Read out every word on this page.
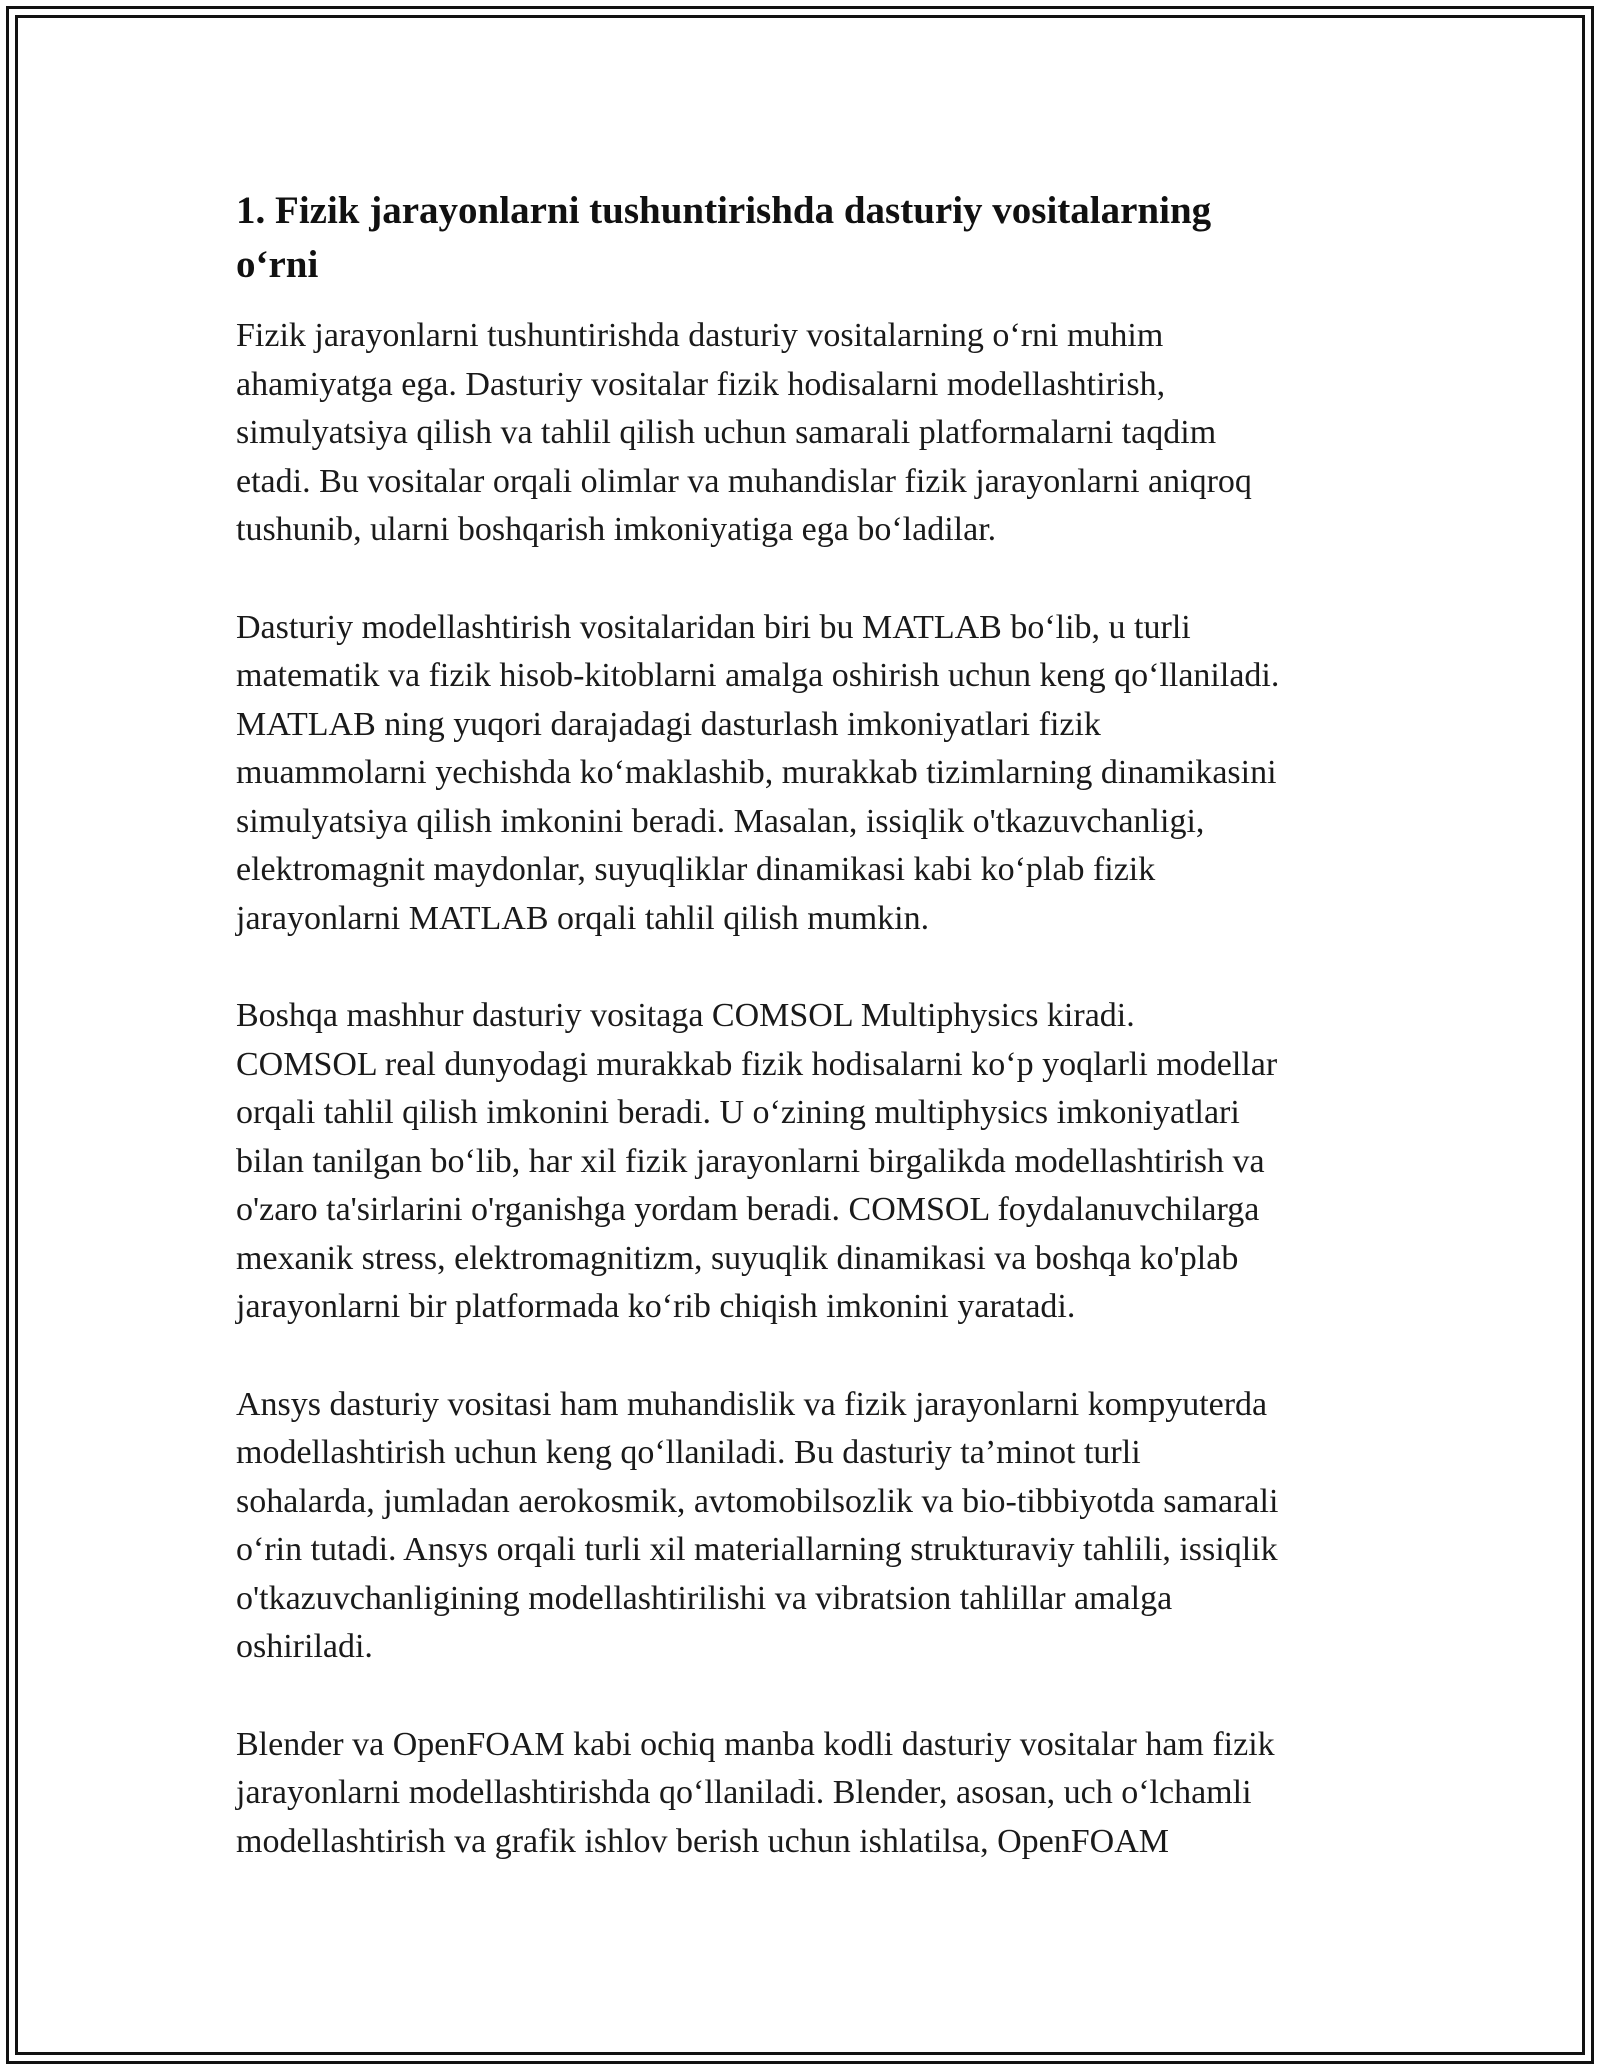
1. Fizik jarayonlarni tushuntirishda dasturiy vositalarning
o‘rni

Fizik jarayonlarni tushuntirishda dasturiy vositalarning o‘rni muhim
ahamiyatga ega. Dasturiy vositalar fizik hodisalarni modellashtirish,
simulyatsiya qilish va tahlil qilish uchun samarali platformalarni taqdim
etadi. Bu vositalar orqali olimlar va muhandislar fizik jarayonlarni aniqroq
tushunib, ularni boshqarish imkoniyatiga ega bo‘ladilar.

Dasturiy modellashtirish vositalaridan biri bu MATLAB bo‘lib, u turli
matematik va fizik hisob-kitoblarni amalga oshirish uchun keng qo‘llaniladi.
MATLAB ning yuqori darajadagi dasturlash imkoniyatlari fizik
muammolarni yechishda ko‘maklashib, murakkab tizimlarning dinamikasini
simulyatsiya qilish imkonini beradi. Masalan, issiqlik o'tkazuvchanligi,
elektromagnit maydonlar, suyuqliklar dinamikasi kabi ko‘plab fizik
jarayonlarni MATLAB orqali tahlil qilish mumkin.

Boshqa mashhur dasturiy vositaga COMSOL Multiphysics kiradi.
COMSOL real dunyodagi murakkab fizik hodisalarni ko‘p yoqlarli modellar
orqali tahlil qilish imkonini beradi. U o‘zining multiphysics imkoniyatlari
bilan tanilgan bo‘lib, har xil fizik jarayonlarni birgalikda modellashtirish va
o'zaro ta'sirlarini o'rganishga yordam beradi. COMSOL foydalanuvchilarga
mexanik stress, elektromagnitizm, suyuqlik dinamikasi va boshqa ko'plab
jarayonlarni bir platformada ko‘rib chiqish imkonini yaratadi.

Ansys dasturiy vositasi ham muhandislik va fizik jarayonlarni kompyuterda
modellashtirish uchun keng qo‘llaniladi. Bu dasturiy ta’minot turli
sohalarda, jumladan aerokosmik, avtomobilsozlik va bio-tibbiyotda samarali
o‘rin tutadi. Ansys orqali turli xil materiallarning strukturaviy tahlili, issiqlik
o'tkazuvchanligining modellashtirilishi va vibratsion tahlillar amalga
oshiriladi.

Blender va OpenFOAM kabi ochiq manba kodli dasturiy vositalar ham fizik
jarayonlarni modellashtirishda qo‘llaniladi. Blender, asosan, uch o‘lchamli
modellashtirish va grafik ishlov berish uchun ishlatilsa, OpenFOAM
